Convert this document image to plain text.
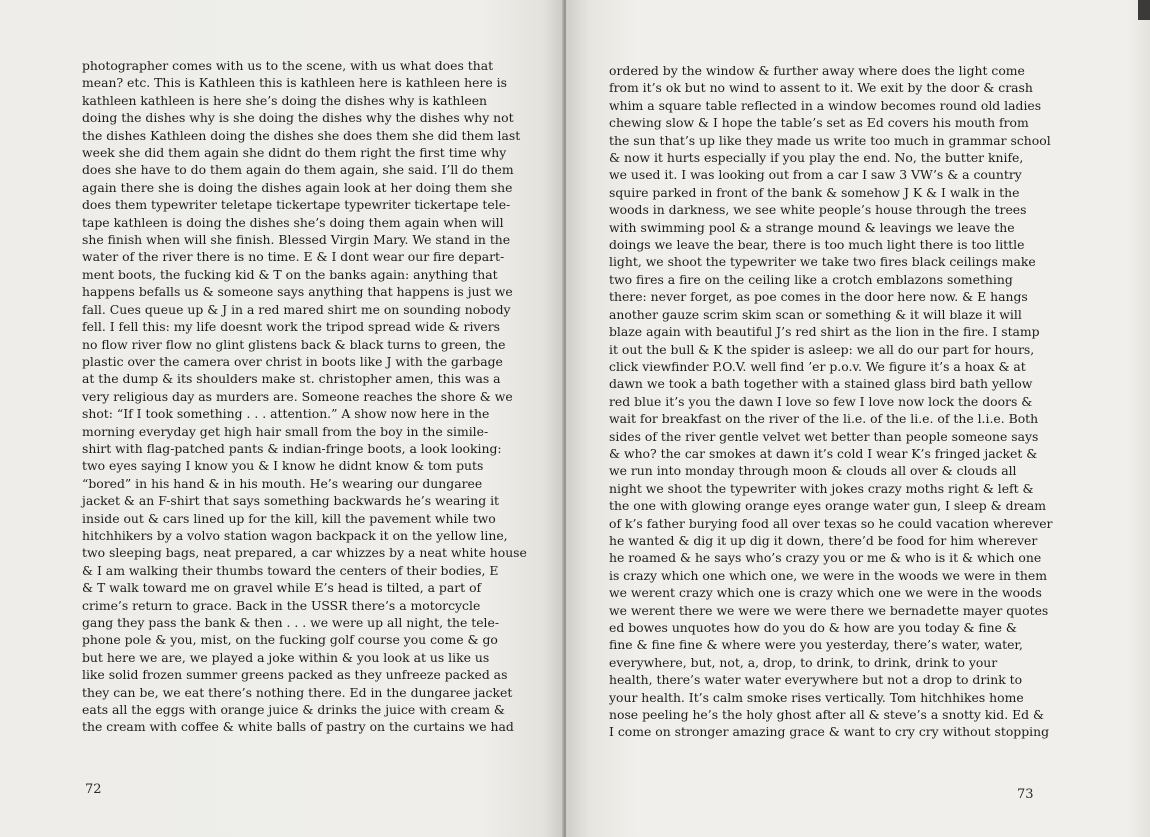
photographer comes with us to the scene, with us what does that
mean? etc. This is Kathleen this is kathleen here is kathleen here is
kathleen kathleen is here she’s doing the dishes why is kathleen
doing the dishes why is she doing the dishes why the dishes why not
the dishes Kathleen doing the dishes she does them she did them last
week she did them again she didnt do them right the first time why
does she have to do them again do them again, she said. I’ll do them
again there she is doing the dishes again look at her doing them she
does them typewriter teletape tickertape typewriter tickertape tele-
tape kathleen is doing the dishes she’s doing them again when will
she finish when will she finish. Blessed Virgin Mary. We stand in the
water of the river there is no time. E & I dont wear our fire depart-
ment boots, the fucking kid & T on the banks again: anything that
happens befalls us & someone says anything that happens is just we
fall. Cues queue up & J in a red mared shirt me on sounding nobody
fell. I fell this: my life doesnt work the tripod spread wide & rivers
no flow river flow no glint glistens back & black turns to green, the
plastic over the camera over christ in boots like J with the garbage
at the dump & its shoulders make st. christopher amen, this was a
very religious day as murders are. Someone reaches the shore & we
shot: “If I took something . . . attention.” A show now here in the
morning everyday get high hair small from the boy in the simile-
shirt with flag-patched pants & indian-fringe boots, a look looking:
two eyes saying I know you & I know he didnt know & tom puts
“bored” in his hand & in his mouth. He’s wearing our dungaree
jacket & an F-shirt that says something backwards he’s wearing it
inside out & cars lined up for the kill, kill the pavement while two
hitchhikers by a volvo station wagon backpack it on the yellow line,
two sleeping bags, neat prepared, a car whizzes by a neat white house
& I am walking their thumbs toward the centers of their bodies, E
& T walk toward me on gravel while E’s head is tilted, a part of
crime’s return to grace. Back in the USSR there’s a motorcycle
gang they pass the bank & then . . . we were up all night, the tele-
phone pole & you, mist, on the fucking golf course you come & go
but here we are, we played a joke within & you look at us like us
like solid frozen summer greens packed as they unfreeze packed as
they can be, we eat there’s nothing there. Ed in the dungaree jacket
eats all the eggs with orange juice & drinks the juice with cream &
the cream with coffee & white balls of pastry on the curtains we had
72
ordered by the window & further away where does the light come
from it’s ok but no wind to assent to it. We exit by the door & crash
whim a square table reflected in a window becomes round old ladies
chewing slow & I hope the table’s set as Ed covers his mouth from
the sun that’s up like they made us write too much in grammar school
& now it hurts especially if you play the end. No, the butter knife,
we used it. I was looking out from a car I saw 3 VW’s & a country
squire parked in front of the bank & somehow J K & I walk in the
woods in darkness, we see white people’s house through the trees
with swimming pool & a strange mound & leavings we leave the
doings we leave the bear, there is too much light there is too little
light, we shoot the typewriter we take two fires black ceilings make
two fires a fire on the ceiling like a crotch emblazons something
there: never forget, as poe comes in the door here now. & E hangs
another gauze scrim skim scan or something & it will blaze it will
blaze again with beautiful J’s red shirt as the lion in the fire. I stamp
it out the bull & K the spider is asleep: we all do our part for hours,
click viewfinder P.O.V. well find ’er p.o.v. We figure it’s a hoax & at
dawn we took a bath together with a stained glass bird bath yellow
red blue it’s you the dawn I love so few I love now lock the doors &
wait for breakfast on the river of the li.e. of the li.e. of the l.i.e. Both
sides of the river gentle velvet wet better than people someone says
& who? the car smokes at dawn it’s cold I wear K’s fringed jacket &
we run into monday through moon & clouds all over & clouds all
night we shoot the typewriter with jokes crazy moths right & left &
the one with glowing orange eyes orange water gun, I sleep & dream
of k’s father burying food all over texas so he could vacation wherever
he wanted & dig it up dig it down, there’d be food for him wherever
he roamed & he says who’s crazy you or me & who is it & which one
is crazy which one which one, we were in the woods we were in them
we werent crazy which one is crazy which one we were in the woods
we werent there we were we were there we bernadette mayer quotes
ed bowes unquotes how do you do & how are you today & fine &
fine & fine fine & where were you yesterday, there’s water, water,
everywhere, but, not, a, drop, to drink, to drink, drink to your
health, there’s water water everywhere but not a drop to drink to
your health. It’s calm smoke rises vertically. Tom hitchhikes home
nose peeling he’s the holy ghost after all & steve’s a snotty kid. Ed &
I come on stronger amazing grace & want to cry cry without stopping
73
